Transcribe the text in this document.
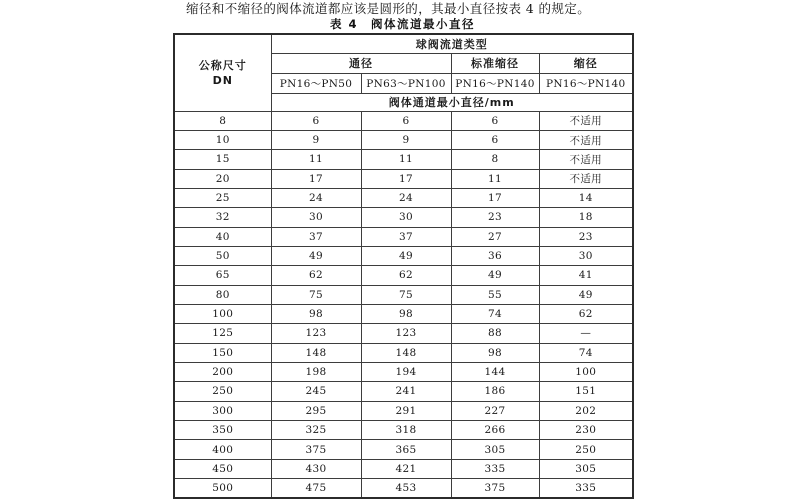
缩径和不缩径的阀体流道都应该是圆形的，其最小直径按表 4 的规定。

表 4　阀体流道最小直径
公称尺寸
DN	球阀流道类型			
	通径		标准缩径	缩径
	PN16～PN50	PN63～PN100	PN16～PN140	PN16～PN140
	阀体通道最小直径/mm			
8	6	6	6	不适用
10	9	9	6	不适用
15	11	11	8	不适用
20	17	17	11	不适用
25	24	24	17	14
32	30	30	23	18
40	37	37	27	23
50	49	49	36	30
65	62	62	49	41
80	75	75	55	49
100	98	98	74	62
125	123	123	88	—
150	148	148	98	74
200	198	194	144	100
250	245	241	186	151
300	295	291	227	202
350	325	318	266	230
400	375	365	305	250
450	430	421	335	305
500	475	453	375	335
